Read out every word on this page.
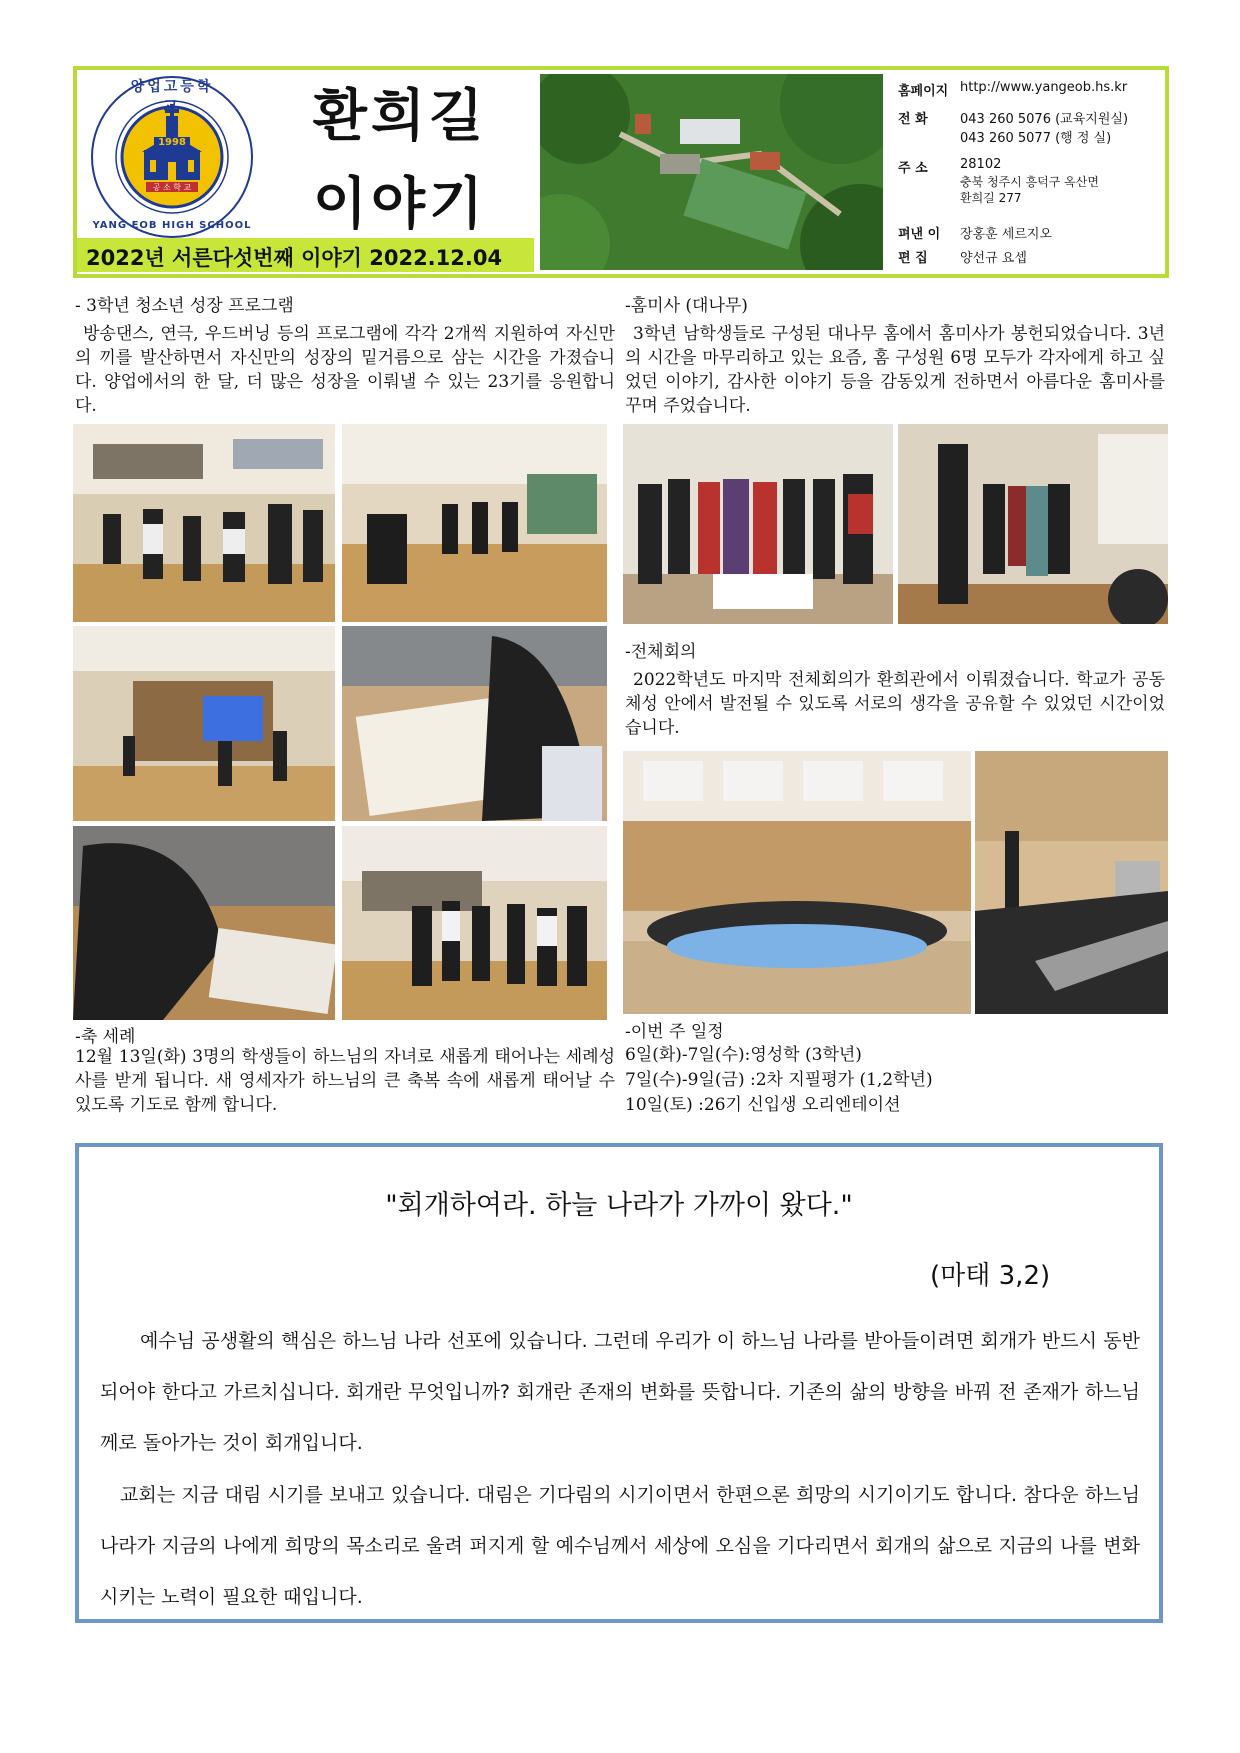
양업고등학교
1998
공 소 학 교
YANG EOB HIGH SCHOOL
환희길
이야기
2022년 서른다섯번째 이야기 2022.12.04
홈페이지 http://www.yangeob.hs.kr
전 화 043 260 5076 (교육지원실)
043 260 5077 (행 정 실)
주 소 28102
충북 청주시 흥덕구 옥산면
환희길 277
펴낸 이 장홍훈 세르지오
편 집 양선규 요셉
- 3학년 청소년 성장 프로그램
방송댄스, 연극, 우드버닝 등의 프로그램에 각각 2개씩 지원하여 자신만의 끼를 발산하면서 자신만의 성장의 밑거름으로 삼는 시간을 가졌습니다. 양업에서의 한 달, 더 많은 성장을 이뤄낼 수 있는 23기를 응원합니다.
-축 세례
12월 13일(화) 3명의 학생들이 하느님의 자녀로 새롭게 태어나는 세례성사를 받게 됩니다. 새 영세자가 하느님의 큰 축복 속에 새롭게 태어날 수 있도록 기도로 함께 합니다.
-홈미사 (대나무)
3학년 남학생들로 구성된 대나무 홈에서 홈미사가 봉헌되었습니다. 3년의 시간을 마무리하고 있는 요즘, 홈 구성원 6명 모두가 각자에게 하고 싶었던 이야기, 감사한 이야기 등을 감동있게 전하면서 아름다운 홈미사를 꾸며 주었습니다.
-전체회의
2022학년도 마지막 전체회의가 환희관에서 이뤄졌습니다. 학교가 공동체성 안에서 발전될 수 있도록 서로의 생각을 공유할 수 있었던 시간이었습니다.
-이번 주 일정
6일(화)-7일(수):영성학 (3학년)
7일(수)-9일(금) :2차 지필평가 (1,2학년)
10일(토) :26기 신입생 오리엔테이션
"회개하여라. 하늘 나라가 가까이 왔다."
(마태 3,2)
예수님 공생활의 핵심은 하느님 나라 선포에 있습니다. 그런데 우리가 이 하느님 나라를 받아들이려면 회개가 반드시 동반되어야 한다고 가르치십니다. 회개란 무엇입니까? 회개란 존재의 변화를 뜻합니다. 기존의 삶의 방향을 바꿔 전 존재가 하느님께로 돌아가는 것이 회개입니다.
교회는 지금 대림 시기를 보내고 있습니다. 대림은 기다림의 시기이면서 한편으론 희망의 시기이기도 합니다. 참다운 하느님 나라가 지금의 나에게 희망의 목소리로 울려 퍼지게 할 예수님께서 세상에 오심을 기다리면서 회개의 삶으로 지금의 나를 변화시키는 노력이 필요한 때입니다.
